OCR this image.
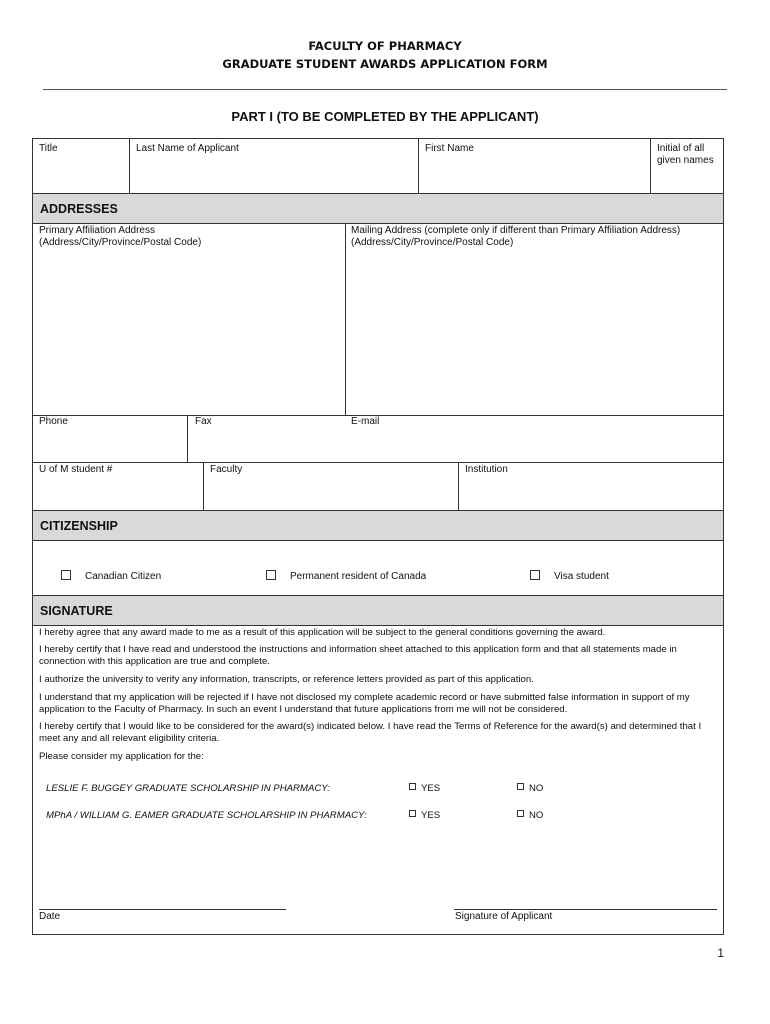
FACULTY OF PHARMACY
GRADUATE STUDENT AWARDS APPLICATION FORM
PART I (TO BE COMPLETED BY THE APPLICANT)
Title	Last Name of Applicant	First Name	Initial of all
given names
ADDRESSES
Primary Affiliation Address
(Address/City/Province/Postal Code)
Mailing Address (complete only if different than Primary Affiliation Address)
(Address/City/Province/Postal Code)
Phone	Fax	E-mail
U of M student #	Faculty	Institution
CITIZENSHIP
Canadian Citizen	Permanent resident of Canada	Visa student
SIGNATURE
I hereby agree that any award made to me as a result of this application will be subject to the general conditions governing the award.
I hereby certify that I have read and understood the instructions and information sheet attached to this application form and that all statements made in connection with this application are true and complete.
I authorize the university to verify any information, transcripts, or reference letters provided as part of this application.
I understand that my application will be rejected if I have not disclosed my complete academic record or have submitted false information in support of my application to the Faculty of Pharmacy. In such an event I understand that future applications from me will not be considered.
I hereby certify that I would like to be considered for the award(s) indicated below. I have read the Terms of Reference for the award(s) and determined that I meet any and all relevant eligibility criteria.
Please consider my application for the:
LESLIE F. BUGGEY GRADUATE SCHOLARSHIP IN PHARMACY:	YES	NO
MPhA / WILLIAM G. EAMER GRADUATE SCHOLARSHIP IN PHARMACY:	YES	NO
Date	Signature of Applicant
1
